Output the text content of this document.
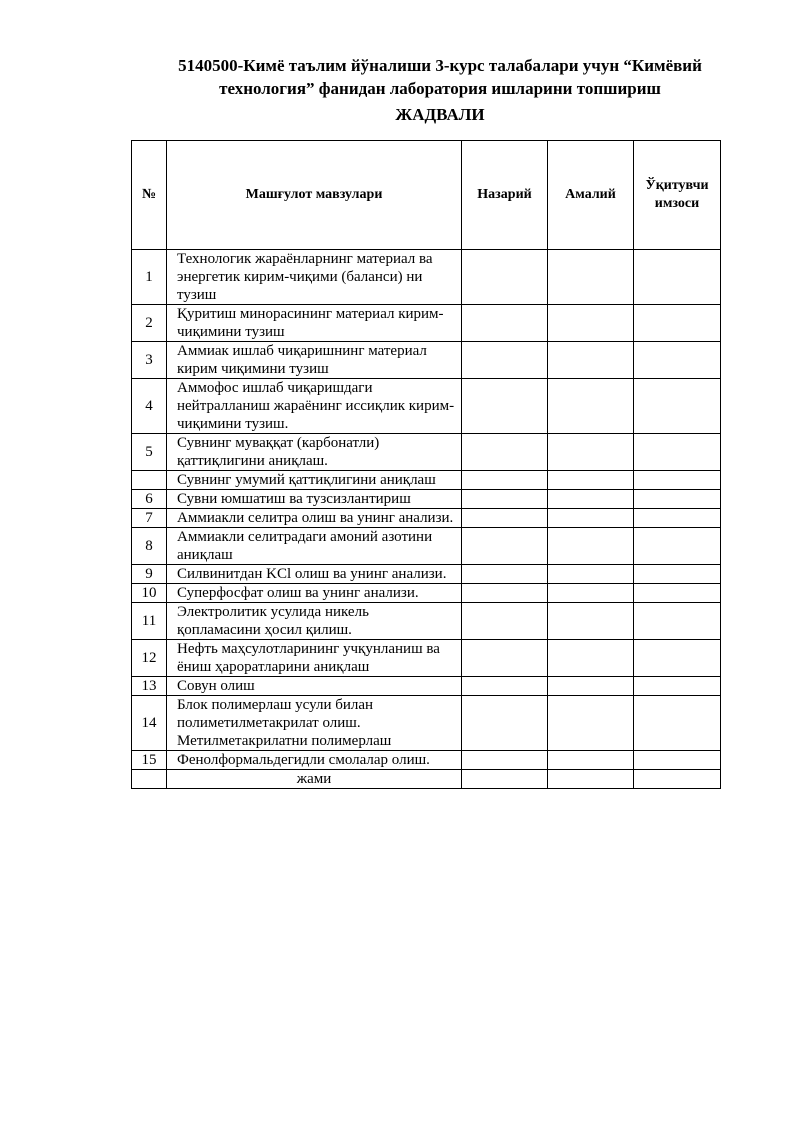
5140500-Кимё таълим йўналиши 3-курс талабалари учун “Кимёвий
технология” фанидан лаборатория ишларини топшириш
ЖАДВАЛИ
№	Машғулот мавзулари	Назарий	Амалий	Ўқитувчи имзоси
1	Технологик жараёнларнинг материал ва энергетик кирим-чиқими (баланси) ни тузиш			
2	Қуритиш минорасининг материал кирим-чиқимини тузиш			
3	Аммиак ишлаб чиқаришнинг материал кирим чиқимини тузиш			
4	Аммофос ишлаб чиқаришдаги нейтралланиш жараёнинг иссиқлик кирим-чиқимини тузиш.			
5	Сувнинг муваққат (карбонатли) қаттиқлигини аниқлаш.			
	Сувнинг умумий қаттиқлигини аниқлаш			
6	Сувни юмшатиш ва тузсизлантириш			
7	Аммиакли селитра олиш ва унинг анализи.			
8	Аммиакли селитрадаги амоний азотини аниқлаш			
9	Силвинитдан KCl олиш ва унинг анализи.			
10	Суперфосфат олиш ва унинг анализи.			
11	Электролитик усулида никель қопламасини ҳосил қилиш.			
12	Нефть маҳсулотларининг учқунланиш ва ёниш ҳароратларини аниқлаш			
13	Совун олиш			
14	Блок полимерлаш усули билан полиметилметакрилат олиш. Метилметакрилатни полимерлаш			
15	Фенолформальдегидли смолалар олиш.			
	жами			
